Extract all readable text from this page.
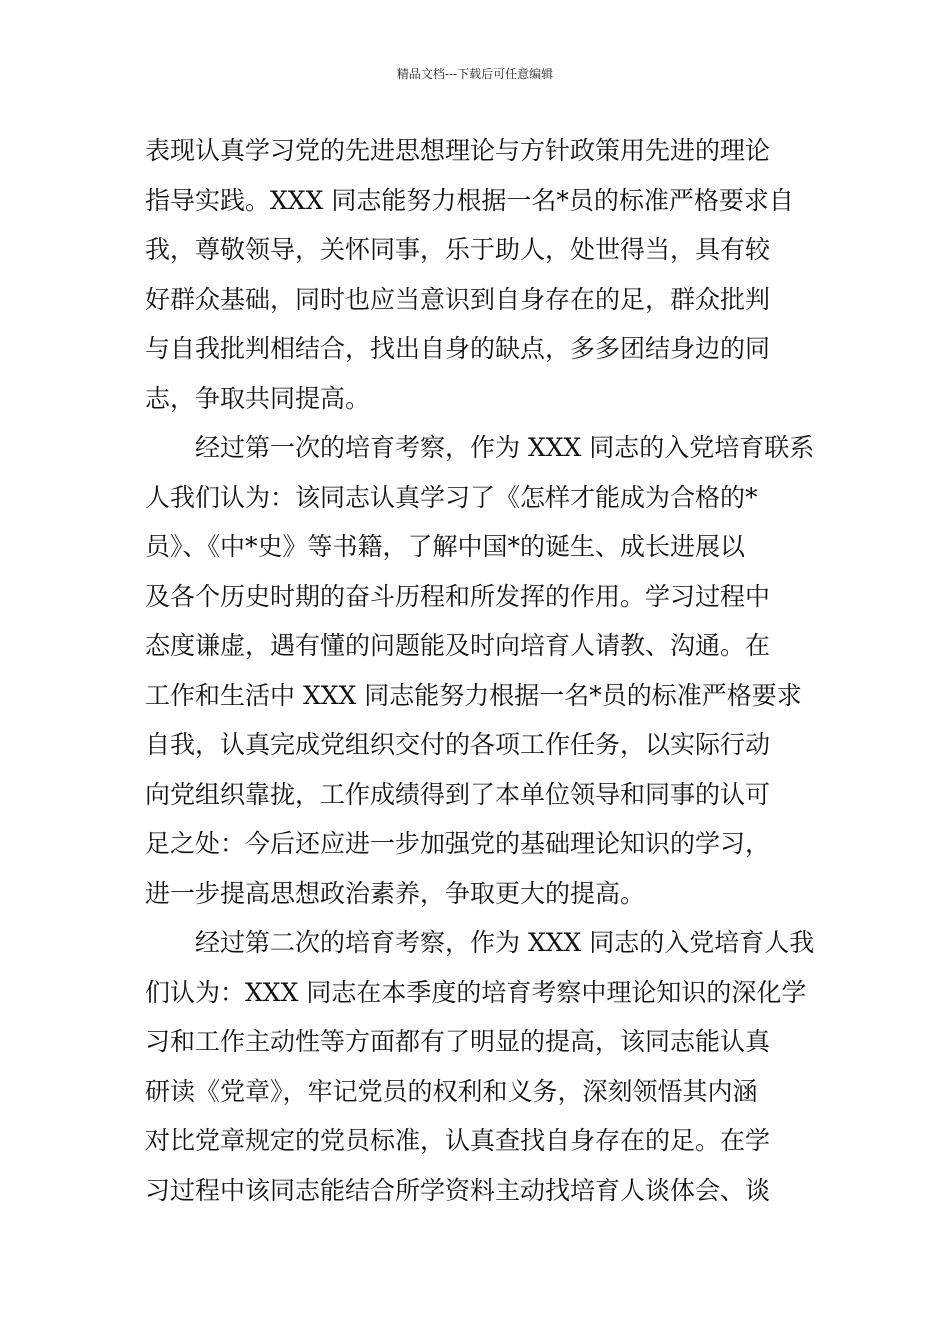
精品文档---下载后可任意编辑
表现认真学习党的先进思想理论与方针政策用先进的理论
指导实践。XXX 同志能努力根据一名*员的标准严格要求自
我，尊敬领导，关怀同事，乐于助人，处世得当，具有较
好群众基础，同时也应当意识到自身存在的足，群众批判
与自我批判相结合，找出自身的缺点，多多团结身边的同
志，争取共同提高。
经过第一次的培育考察，作为 XXX 同志的入党培育联系
人我们认为：该同志认真学习了《怎样才能成为合格的*
员》、《中*史》等书籍，了解中国*的诞生、成长进展以
及各个历史时期的奋斗历程和所发挥的作用。学习过程中
态度谦虚，遇有懂的问题能及时向培育人请教、沟通。在
工作和生活中 XXX 同志能努力根据一名*员的标准严格要求
自我，认真完成党组织交付的各项工作任务，以实际行动
向党组织靠拢，工作成绩得到了本单位领导和同事的认可
足之处：今后还应进一步加强党的基础理论知识的学习，
进一步提高思想政治素养，争取更大的提高。
经过第二次的培育考察，作为 XXX 同志的入党培育人我
们认为：XXX 同志在本季度的培育考察中理论知识的深化学
习和工作主动性等方面都有了明显的提高，该同志能认真
研读《党章》，牢记党员的权利和义务，深刻领悟其内涵
对比党章规定的党员标准，认真查找自身存在的足。在学
习过程中该同志能结合所学资料主动找培育人谈体会、谈
